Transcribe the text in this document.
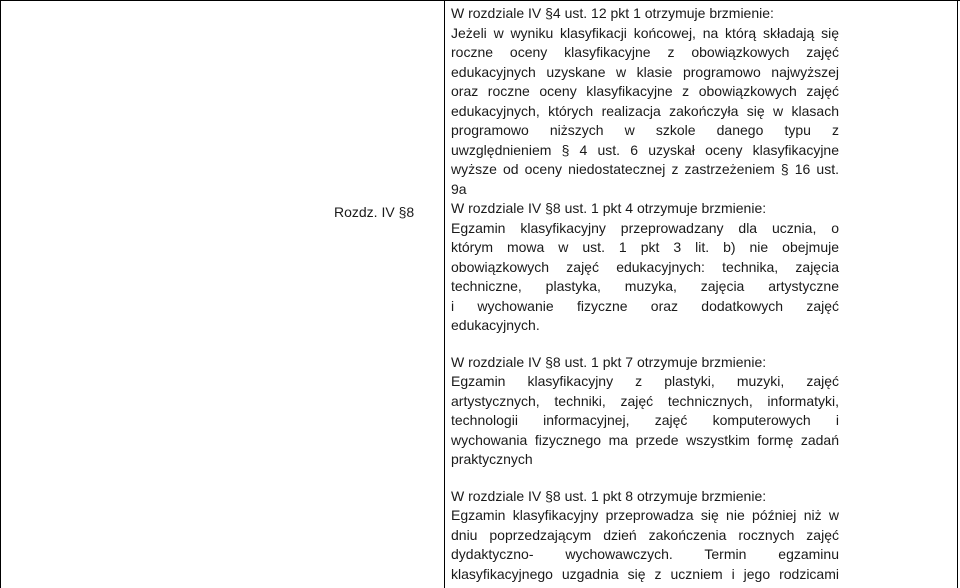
Rozdz. IV §8

W rozdziale IV §4 ust. 12 pkt 1 otrzymuje brzmienie:

Jeżeli w wyniku klasyfikacji końcowej, na którą składają się

roczne oceny klasyfikacyjne z obowiązkowych zajęć

edukacyjnych uzyskane w klasie programowo najwyższej

oraz roczne oceny klasyfikacyjne z obowiązkowych zajęć

edukacyjnych, których realizacja zakończyła się w klasach

programowo niższych w szkole danego typu z

uwzględnieniem § 4 ust. 6 uzyskał oceny klasyfikacyjne

wyższe od oceny niedostatecznej z zastrzeżeniem § 16 ust.

9a

W rozdziale IV §8 ust. 1 pkt 4 otrzymuje brzmienie:

Egzamin klasyfikacyjny przeprowadzany dla ucznia, o

którym mowa w ust. 1 pkt 3 lit. b) nie obejmuje

obowiązkowych zajęć edukacyjnych: technika, zajęcia

techniczne, plastyka, muzyka, zajęcia artystyczne

i wychowanie fizyczne oraz dodatkowych zajęć

edukacyjnych.

W rozdziale IV §8 ust. 1 pkt 7 otrzymuje brzmienie:

Egzamin klasyfikacyjny z plastyki, muzyki, zajęć

artystycznych, techniki, zajęć technicznych, informatyki,

technologii informacyjnej, zajęć komputerowych i

wychowania fizycznego ma przede wszystkim formę zadań

praktycznych

W rozdziale IV §8 ust. 1 pkt 8 otrzymuje brzmienie:

Egzamin klasyfikacyjny przeprowadza się nie później niż w

dniu poprzedzającym dzień zakończenia rocznych zajęć

dydaktyczno- wychowawczych. Termin egzaminu

klasyfikacyjnego uzgadnia się z uczniem i jego rodzicami
